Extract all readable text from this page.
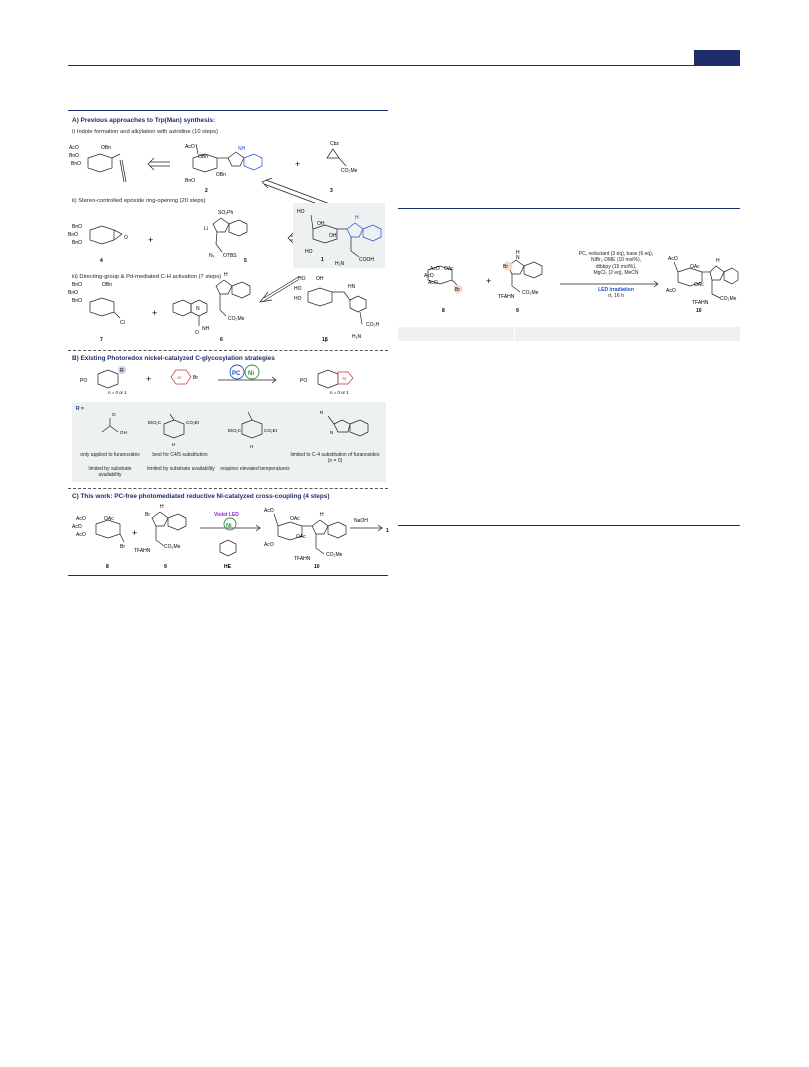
A) Previous approaches to Trp(Man) synthesis:
i) Indole formation and alkylation with aziridine (10 steps)
AcO	OBn
BnO
BnO
AcO
OBn
OBn
BnO
NH
2
+
Cbz
CO₂Me
3
ii) Stereo-controlled epoxide ring-opening (20 steps)
BnO
BnO
BnO
O
4
+
SO₂Ph
Li
N₃ OTBS
5
HO
OH
OH
HO
H
H₂N
COOH
1
iii) Directing-group & Pd-mediated C-H activation (7 steps)
BnO	OBn
BnO
BnO
Cl
7
+	N
O
NH
H
CO₂Me
6
HO OH
HO
HO
HN
CO₂H
H₂N
1β
B) Existing Photoredox nickel-catalyzed C-glycosylation strategies
R
PO
n = 0 or 1
+	Ar Br
PC Ni
PO	Ar
n = 0 or 1
R =
O
OH
EtO₂C	CO₂Et
H
EtO₂C	CO₂Et
H
R
N
only applied to furanosides	best for C4/5 substitution	limited to C-4 substitution of furanosides (n = 0)
limited by substrate availability
limited by substrate availability requires elevated temperatures
C) This work: PC-free photomediated reductive Ni-catalyzed cross-coupling (4 steps)
AcO	OAc
AcO
AcO
Br
8
+
Br
H
TFAHN
CO₂Me
9
Violet LED
Ni
HE
AcO
OAc
OAc
AcO
H
TFAHN
CO₂Me
10
NaOH
1
AcO OAc
AcO
AcO
Br
8
+
Br
H
N
TFAHN
CO₂Me
9
AcO
OAc
OAc
AcO
H
TFAHN
CO₂Me
10
PC, reductant (3 eq), base (6 eq),
NiBr₂·DME (10 mol%),
dtbbpy (15 mol%),
MgCl₂ (2 eq), MeCN
LED irradiation
rt, 16 h
